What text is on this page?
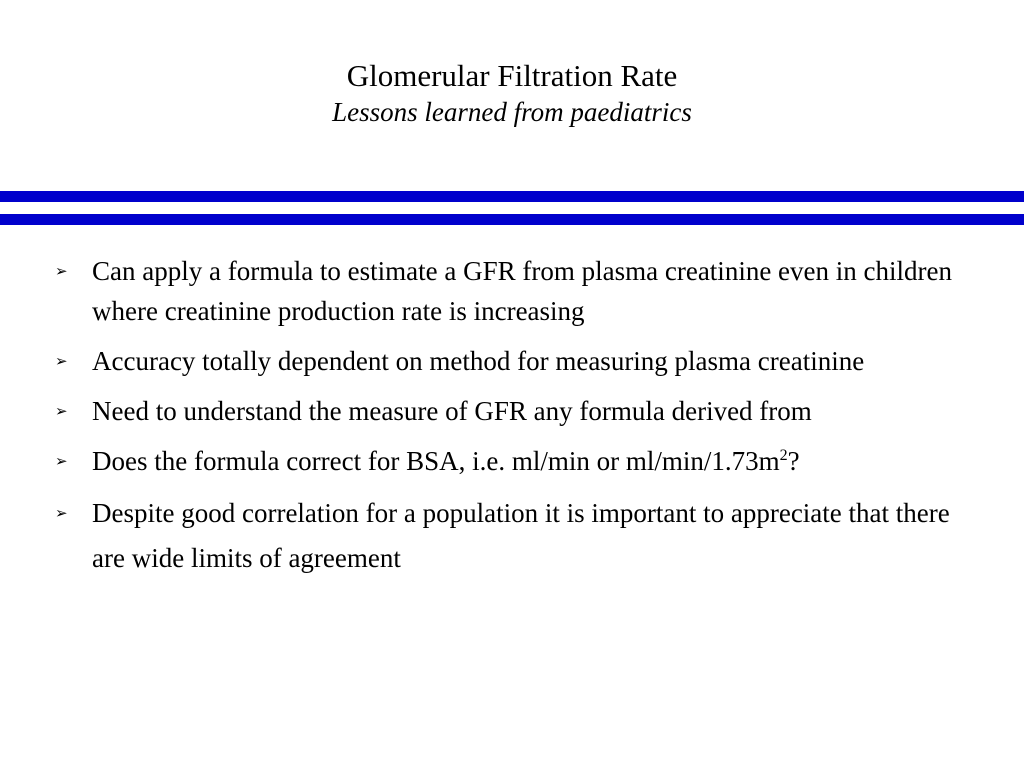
Glomerular Filtration Rate
Lessons learned from paediatrics
➢ Can apply a formula to estimate a GFR from plasma creatinine even in children where creatinine production rate is increasing
➢ Accuracy totally dependent on method for measuring plasma creatinine
➢ Need to understand the measure of GFR any formula derived from
➢ Does the formula correct for BSA, i.e. ml/min or $ml/\min/1.73m^2$?
➢ Despite good correlation for a population it is important to appreciate that there are wide limits of agreement
